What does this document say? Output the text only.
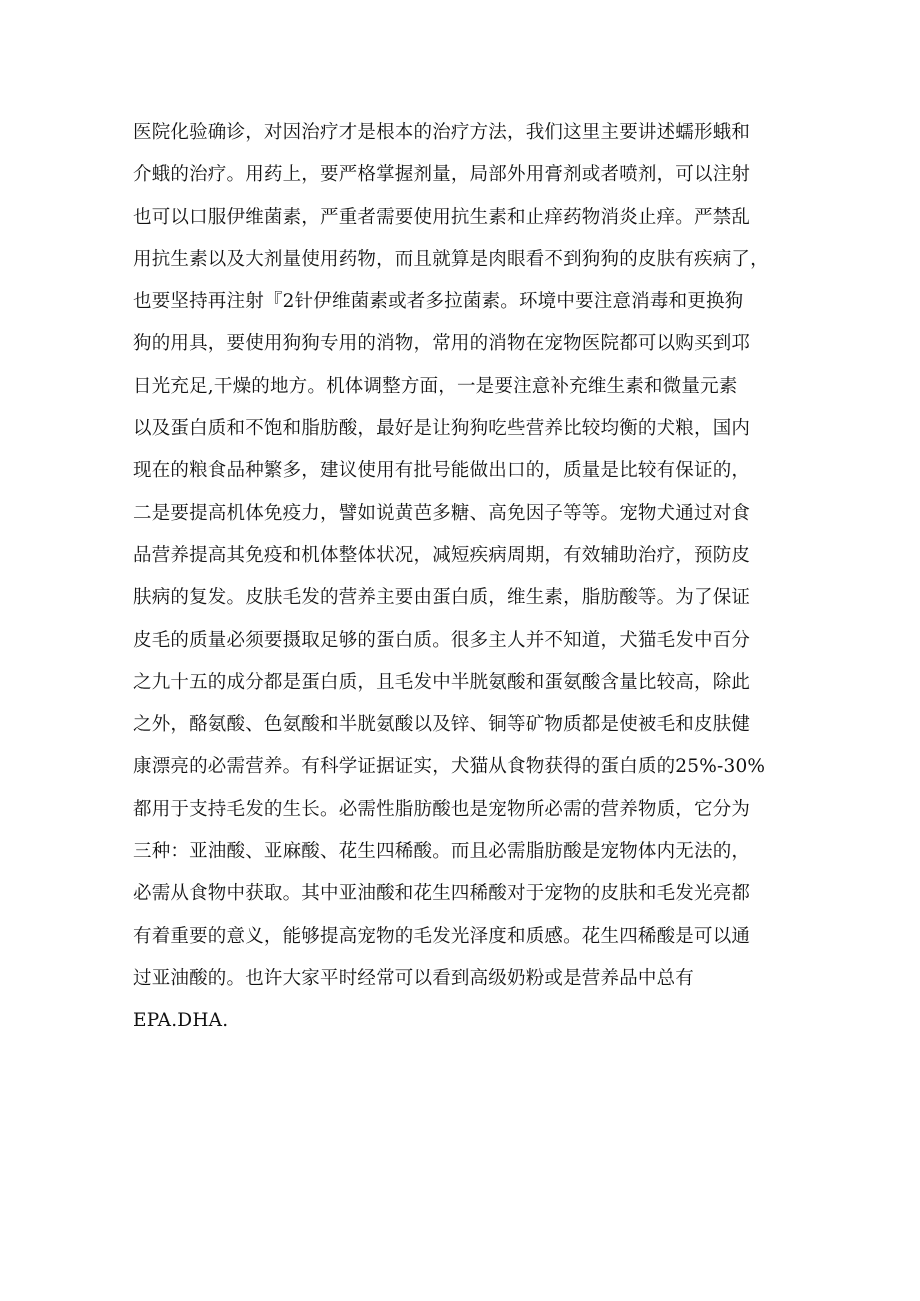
医院化验确诊，对因治疗才是根本的治疗方法，我们这里主要讲述蠕形蛾和
介蛾的治疗。用药上，要严格掌握剂量，局部外用膏剂或者喷剂，可以注射
也可以口服伊维菌素，严重者需要使用抗生素和止痒药物消炎止痒。严禁乱
用抗生素以及大剂量使用药物，而且就算是肉眼看不到狗狗的皮肤有疾病了，
也要坚持再注射『2针伊维菌素或者多拉菌素。环境中要注意消毒和更换狗
狗的用具，要使用狗狗专用的消物，常用的消物在宠物医院都可以购买到邛
日光充足,干燥的地方。机体调整方面，一是要注意补充维生素和微量元素
以及蛋白质和不饱和脂肪酸，最好是让狗狗吃些营养比较均衡的犬粮，国内
现在的粮食品种繁多，建议使用有批号能做出口的，质量是比较有保证的，
二是要提高机体免疫力，譬如说黄芭多糖、高免因子等等。宠物犬通过对食
品营养提高其免疫和机体整体状况，减短疾病周期，有效辅助治疗，预防皮
肤病的复发。皮肤毛发的营养主要由蛋白质，维生素，脂肪酸等。为了保证
皮毛的质量必须要摄取足够的蛋白质。很多主人并不知道，犬猫毛发中百分
之九十五的成分都是蛋白质，且毛发中半胱氨酸和蛋氨酸含量比较高，除此
之外，酪氨酸、色氨酸和半胱氨酸以及锌、铜等矿物质都是使被毛和皮肤健
康漂亮的必需营养。有科学证据证实，犬猫从食物获得的蛋白质的25%-30%
都用于支持毛发的生长。必需性脂肪酸也是宠物所必需的营养物质，它分为
三种：亚油酸、亚麻酸、花生四稀酸。而且必需脂肪酸是宠物体内无法的，
必需从食物中获取。其中亚油酸和花生四稀酸对于宠物的皮肤和毛发光亮都
有着重要的意义，能够提高宠物的毛发光泽度和质感。花生四稀酸是可以通
过亚油酸的。也许大家平时经常可以看到高级奶粉或是营养品中总有
EPA.DHA.
